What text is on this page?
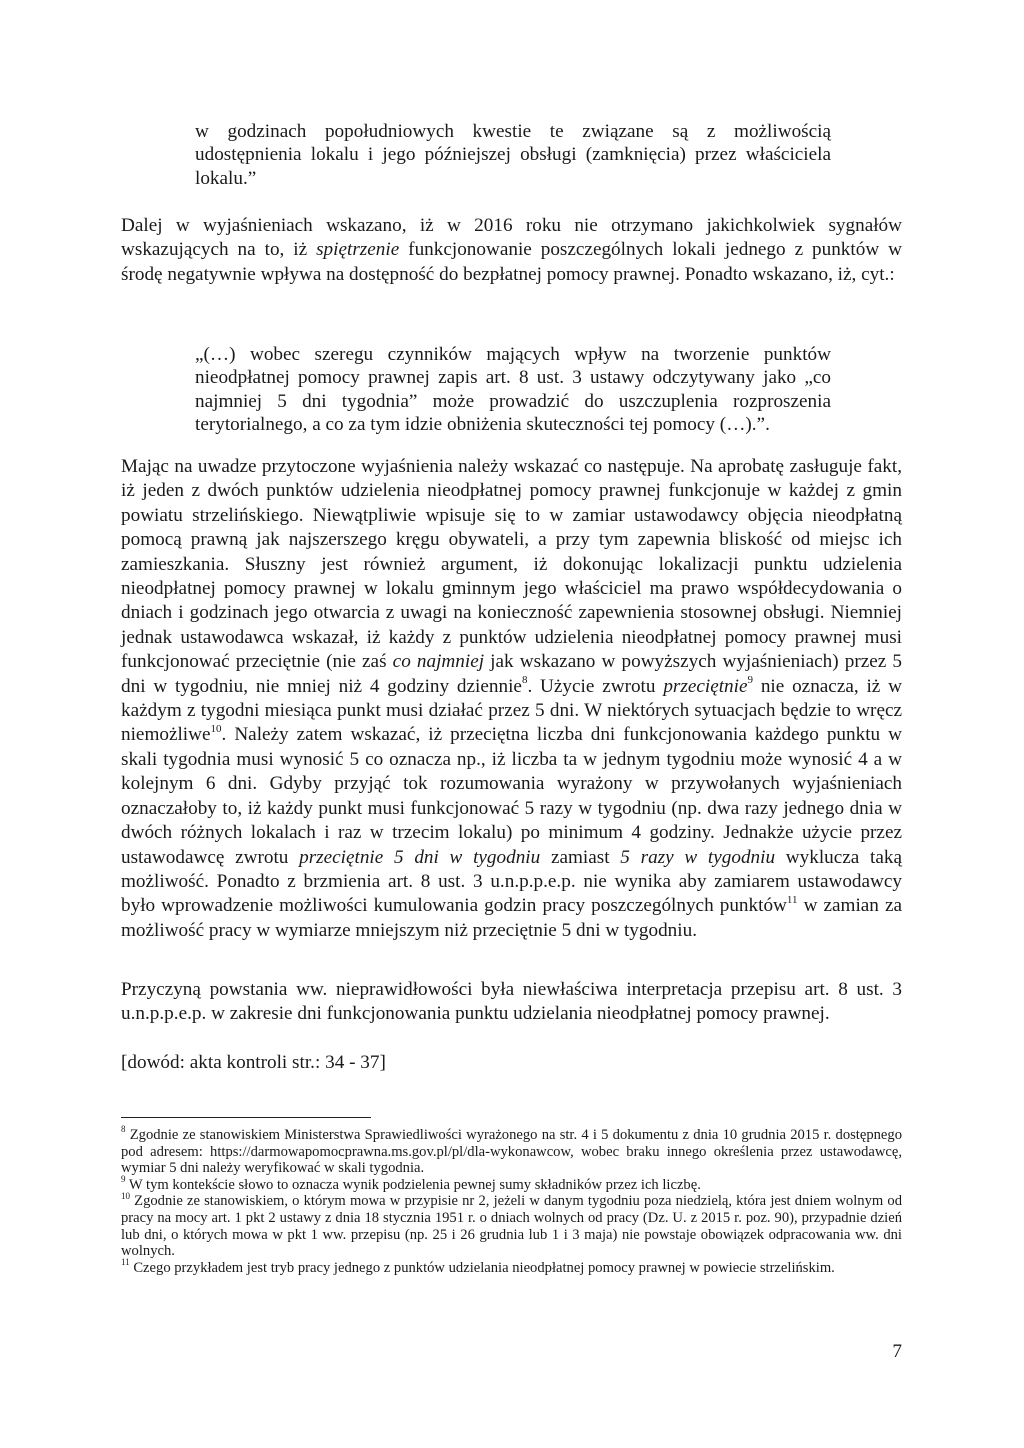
w godzinach popołudniowych kwestie te związane są z możliwością udostępnienia lokalu i jego późniejszej obsługi (zamknięcia) przez właściciela lokalu.”

Dalej w wyjaśnieniach wskazano, iż w 2016 roku nie otrzymano jakichkolwiek sygnałów wskazujących na to, iż spiętrzenie funkcjonowanie poszczególnych lokali jednego z punktów w środę negatywnie wpływa na dostępność do bezpłatnej pomocy prawnej. Ponadto wskazano, iż, cyt.:

„(…) wobec szeregu czynników mających wpływ na tworzenie punktów nieodpłatnej pomocy prawnej zapis art. 8 ust. 3 ustawy odczytywany jako „co najmniej 5 dni tygodnia” może prowadzić do uszczuplenia rozproszenia terytorialnego, a co za tym idzie obniżenia skuteczności tej pomocy (…).”.

Mając na uwadze przytoczone wyjaśnienia należy wskazać co następuje. Na aprobatę zasługuje fakt, iż jeden z dwóch punktów udzielenia nieodpłatnej pomocy prawnej funkcjonuje w każdej z gmin powiatu strzelińskiego. Niewątpliwie wpisuje się to w zamiar ustawodawcy objęcia nieodpłatną pomocą prawną jak najszerszego kręgu obywateli, a przy tym zapewnia bliskość od miejsc ich zamieszkania. Słuszny jest również argument, iż dokonując lokalizacji punktu udzielenia nieodpłatnej pomocy prawnej w lokalu gminnym jego właściciel ma prawo współdecydowania o dniach i godzinach jego otwarcia z uwagi na konieczność zapewnienia stosownej obsługi. Niemniej jednak ustawodawca wskazał, iż każdy z punktów udzielenia nieodpłatnej pomocy prawnej musi funkcjonować przeciętnie (nie zaś co najmniej jak wskazano w powyższych wyjaśnieniach) przez 5 dni w tygodniu, nie mniej niż 4 godziny dziennie$^8$. Użycie zwrotu przeciętnie$^9$ nie oznacza, iż w każdym z tygodni miesiąca punkt musi działać przez 5 dni. W niektórych sytuacjach będzie to wręcz niemożliwe$^{10}$. Należy zatem wskazać, iż przeciętna liczba dni funkcjonowania każdego punktu w skali tygodnia musi wynosić 5 co oznacza np., iż liczba ta w jednym tygodniu może wynosić 4 a w kolejnym 6 dni. Gdyby przyjąć tok rozumowania wyrażony w przywołanych wyjaśnieniach oznaczałoby to, iż każdy punkt musi funkcjonować 5 razy w tygodniu (np. dwa razy jednego dnia w dwóch różnych lokalach i raz w trzecim lokalu) po minimum 4 godziny. Jednakże użycie przez ustawodawcę zwrotu przeciętnie 5 dni w tygodniu zamiast 5 razy w tygodniu wyklucza taką możliwość. Ponadto z brzmienia art. 8 ust. 3 u.n.p.p.e.p. nie wynika aby zamiarem ustawodawcy było wprowadzenie możliwości kumulowania godzin pracy poszczególnych punktów$^{11}$ w zamian za możliwość pracy w wymiarze mniejszym niż przeciętnie 5 dni w tygodniu.

Przyczyną powstania ww. nieprawidłowości była niewłaściwa interpretacja przepisu art. 8 ust. 3 u.n.p.p.e.p. w zakresie dni funkcjonowania punktu udzielania nieodpłatnej pomocy prawnej.

[dowód: akta kontroli str.: 34 - 37]

$^8$ Zgodnie ze stanowiskiem Ministerstwa Sprawiedliwości wyrażonego na str. 4 i 5 dokumentu z dnia 10 grudnia 2015 r. dostępnego pod adresem: https://darmowapomocprawna.ms.gov.pl/pl/dla-wykonawcow, wobec braku innego określenia przez ustawodawcę, wymiar 5 dni należy weryfikować w skali tygodnia.

$^9$ W tym kontekście słowo to oznacza wynik podzielenia pewnej sumy składników przez ich liczbę.

$^{10}$ Zgodnie ze stanowiskiem, o którym mowa w przypisie nr 2, jeżeli w danym tygodniu poza niedzielą, która jest dniem wolnym od pracy na mocy art. 1 pkt 2 ustawy z dnia 18 stycznia 1951 r. o dniach wolnych od pracy (Dz. U. z 2015 r. poz. 90), przypadnie dzień lub dni, o których mowa w pkt 1 ww. przepisu (np. 25 i 26 grudnia lub 1 i 3 maja) nie powstaje obowiązek odpracowania ww. dni wolnych.

$^{11}$ Czego przykładem jest tryb pracy jednego z punktów udzielania nieodpłatnej pomocy prawnej w powiecie strzelińskim.

7
